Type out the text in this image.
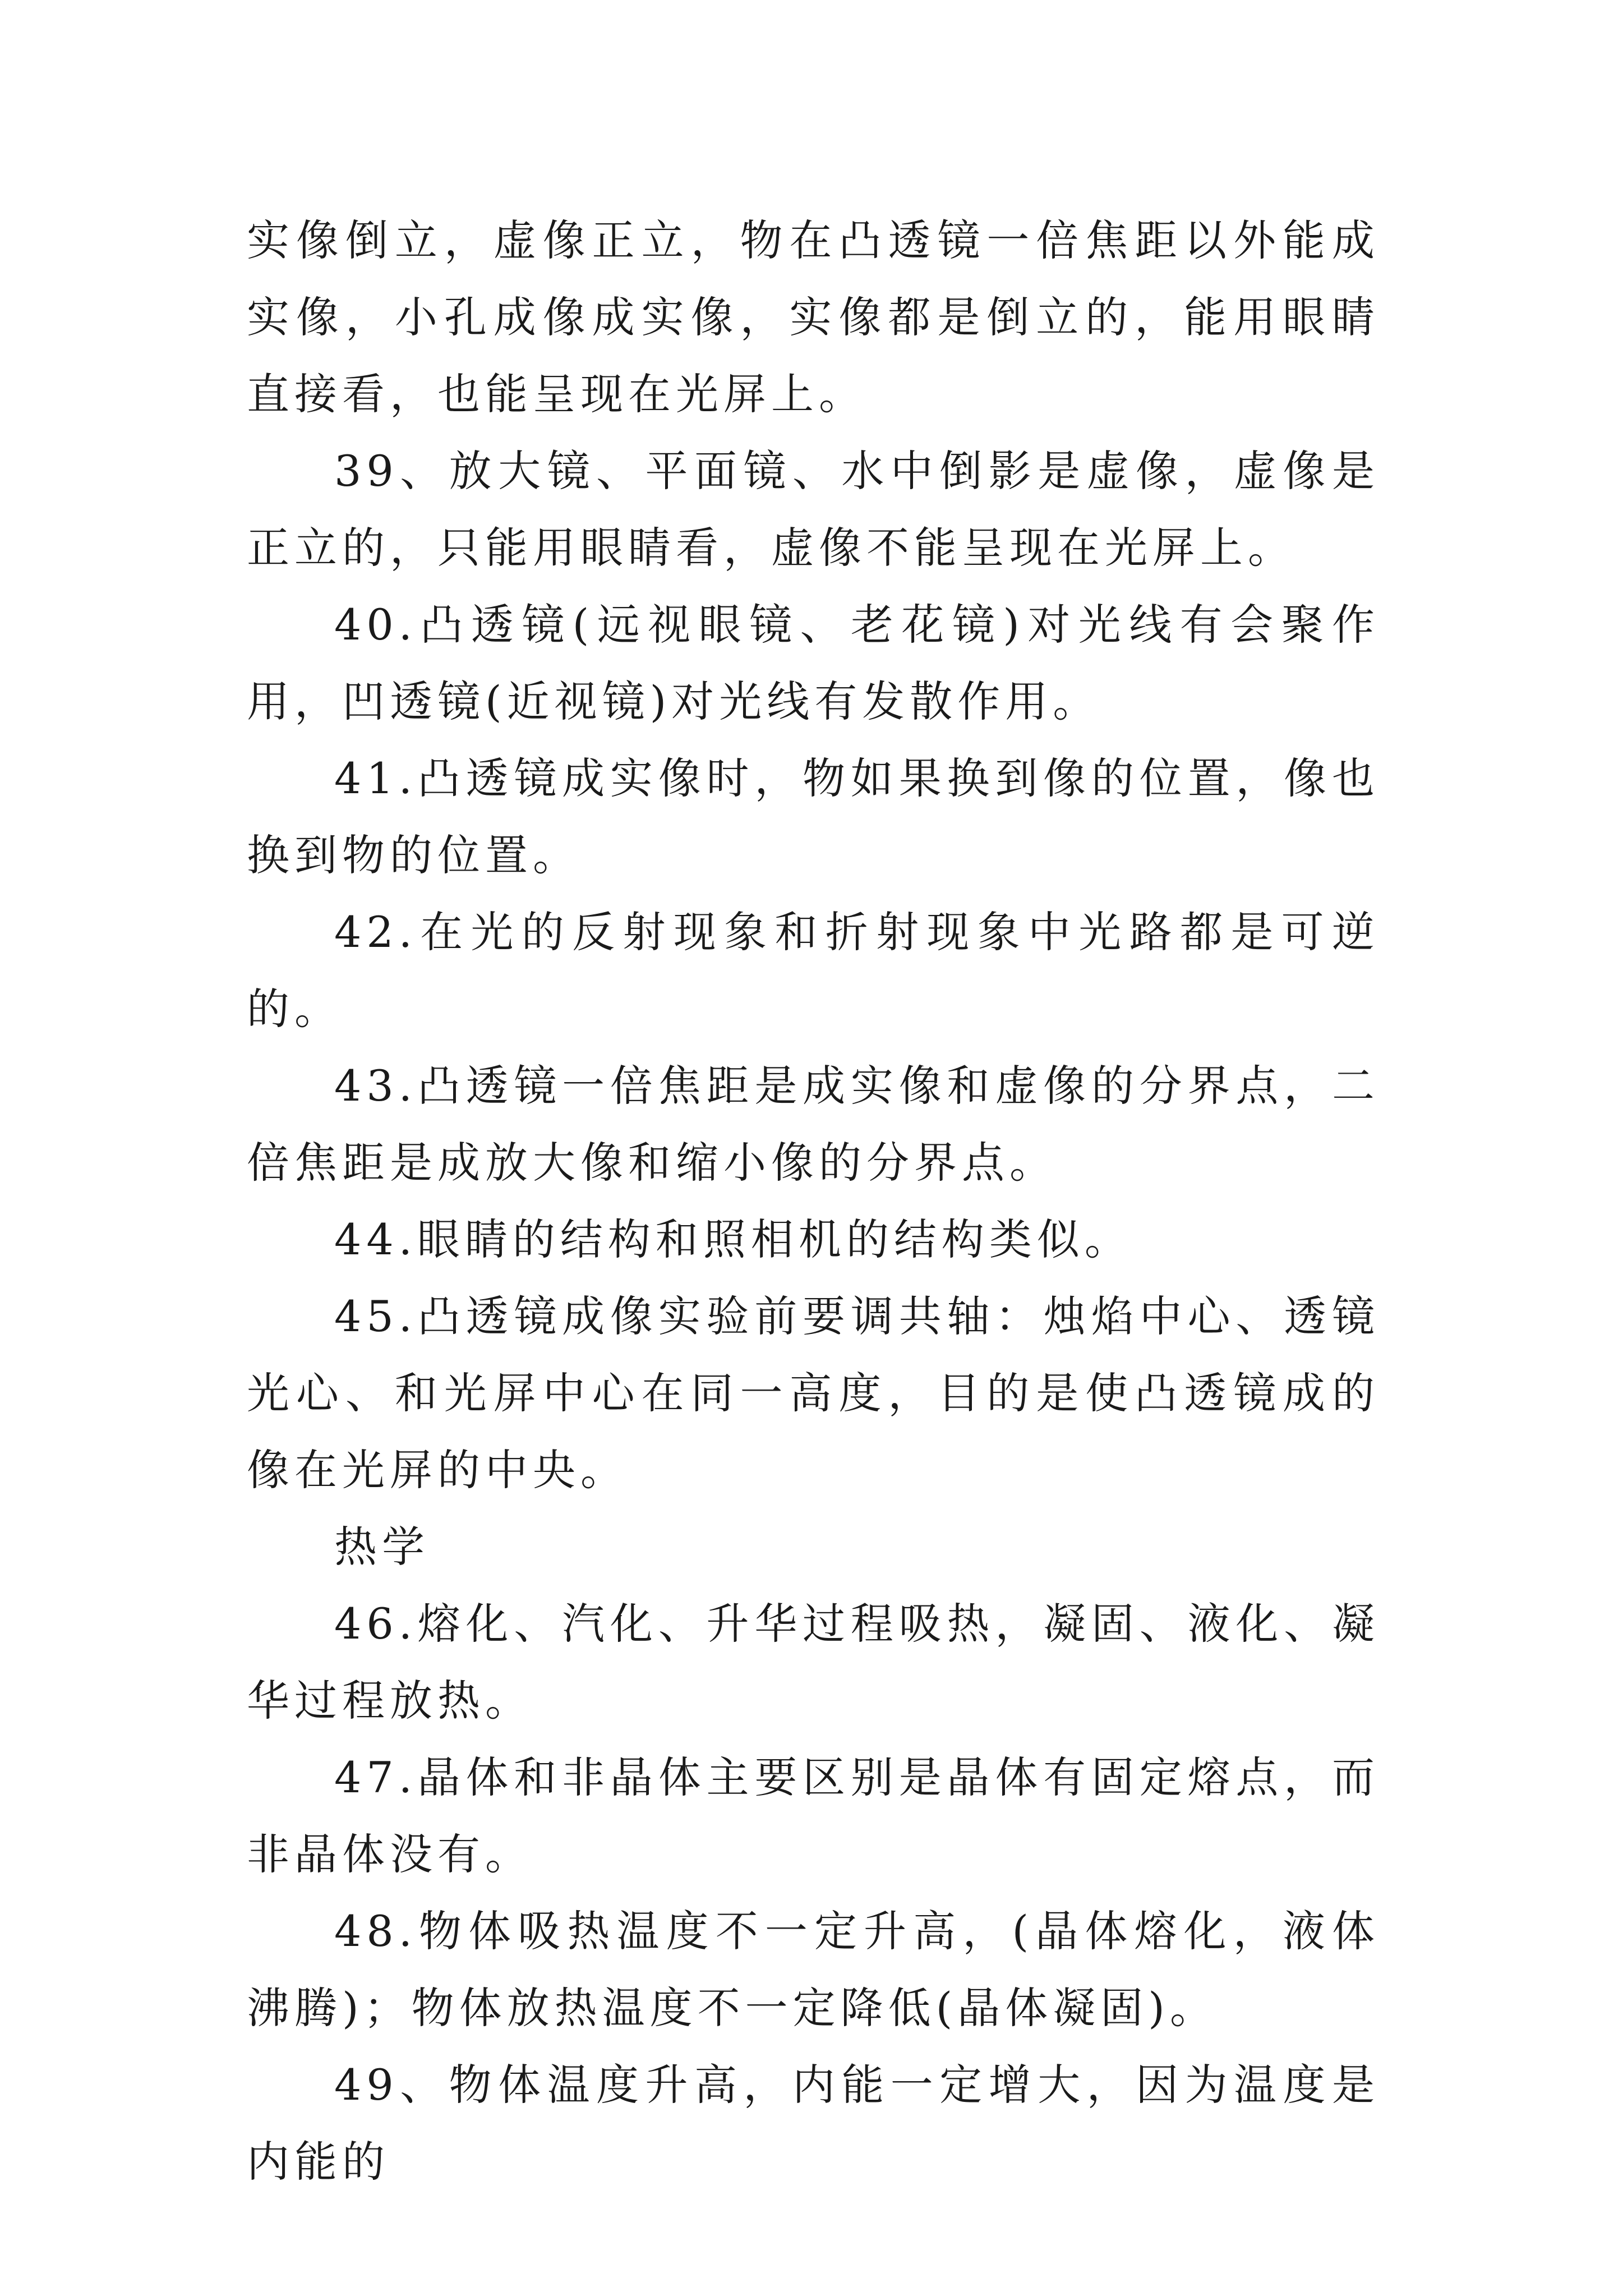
实像倒立，虚像正立，物在凸透镜一倍焦距以外能成实像，小孔成像成实像，实像都是倒立的，能用眼睛直接看，也能呈现在光屏上。

39、放大镜、平面镜、水中倒影是虚像，虚像是正立的，只能用眼睛看，虚像不能呈现在光屏上。

40.凸透镜(远视眼镜、老花镜)对光线有会聚作用，凹透镜(近视镜)对光线有发散作用。

41.凸透镜成实像时，物如果换到像的位置，像也换到物的位置。

42.在光的反射现象和折射现象中光路都是可逆的。

43.凸透镜一倍焦距是成实像和虚像的分界点，二倍焦距是成放大像和缩小像的分界点。

44.眼睛的结构和照相机的结构类似。

45.凸透镜成像实验前要调共轴：烛焰中心、透镜光心、和光屏中心在同一高度，目的是使凸透镜成的像在光屏的中央。

热学

46.熔化、汽化、升华过程吸热，凝固、液化、凝华过程放热。

47.晶体和非晶体主要区别是晶体有固定熔点，而非晶体没有。

48.物体吸热温度不一定升高，(晶体熔化，液体沸腾)；物体放热温度不一定降低(晶体凝固)。

49、物体温度升高，内能一定增大，因为温度是内能的
